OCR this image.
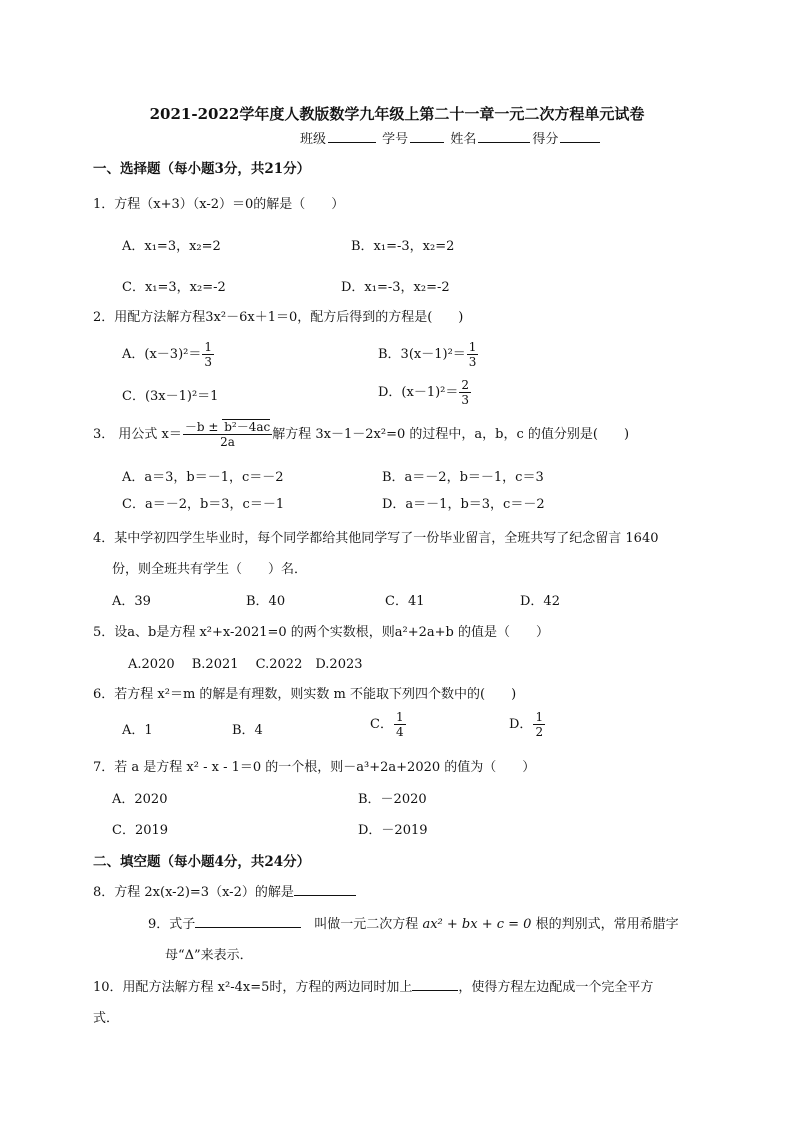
2021-2022学年度人教版数学九年级上第二十一章一元二次方程单元试卷
班级	学号	姓名	得分
一、选择题（每小题3分，共21分）
1．方程（x+3）（x-2）＝0的解是（　　）
A．x₁=3，x₂=2	B．x₁=-3，x₂=2
C．x₁=3，x₂=-2	D．x₁=-3，x₂=-2
2．用配方法解方程3x²－6x＋1＝0，配方后得到的方程是(　　)
A．$(x-3)^2= \frac{1}{3}$	B．$3(x-1)^2= \frac{1}{3}$
C．(3x－1)²＝1	D．$(x-1)^2= \frac{2}{3}$
3． 用公式 $x= \frac{\text{－b ± b²－4ac}}{2a}$ 解方程 3x－1－2x²=0 的过程中，a，b，c 的值分别是(　　)
A．a＝3，b＝－1，c＝－2	B．a＝－2，b＝－1，c＝3
C．a＝－2，b＝3，c＝－1	D．a＝－1，b＝3，c＝－2
4．某中学初四学生毕业时，每个同学都给其他同学写了一份毕业留言，全班共写了纪念留言 1640
份，则全班共有学生（　　）名．
A．39	B．40	C．41	D．42
5．设a、b是方程 x²+x-2021=0 的两个实数根，则a²+2a+b 的值是（　　）
A.2020　 B.2021　 C.2022　D.2023
6．若方程 x²＝m 的解是有理数，则实数 m 不能取下列四个数中的(　　)
A．1	B．4	C． $\frac{1}{4}$	D． $\frac{1}{2}$
7．若 a 是方程 x² - x - 1＝0 的一个根，则－a³+2a+2020 的值为（　　）
A．2020	B．－2020
C．2019	D．－2019
二、填空题（每小题4分，共24分）
8．方程 2x(x-2)=3（x-2）的解是
9．式子　	叫做一元二次方程 ax² + bx + c = 0 根的判别式，常用希腊字
母“Δ”来表示．
10．用配方法解方程 x²-4x=5时，方程的两边同时加上	，使得方程左边配成一个完全平方
式．
